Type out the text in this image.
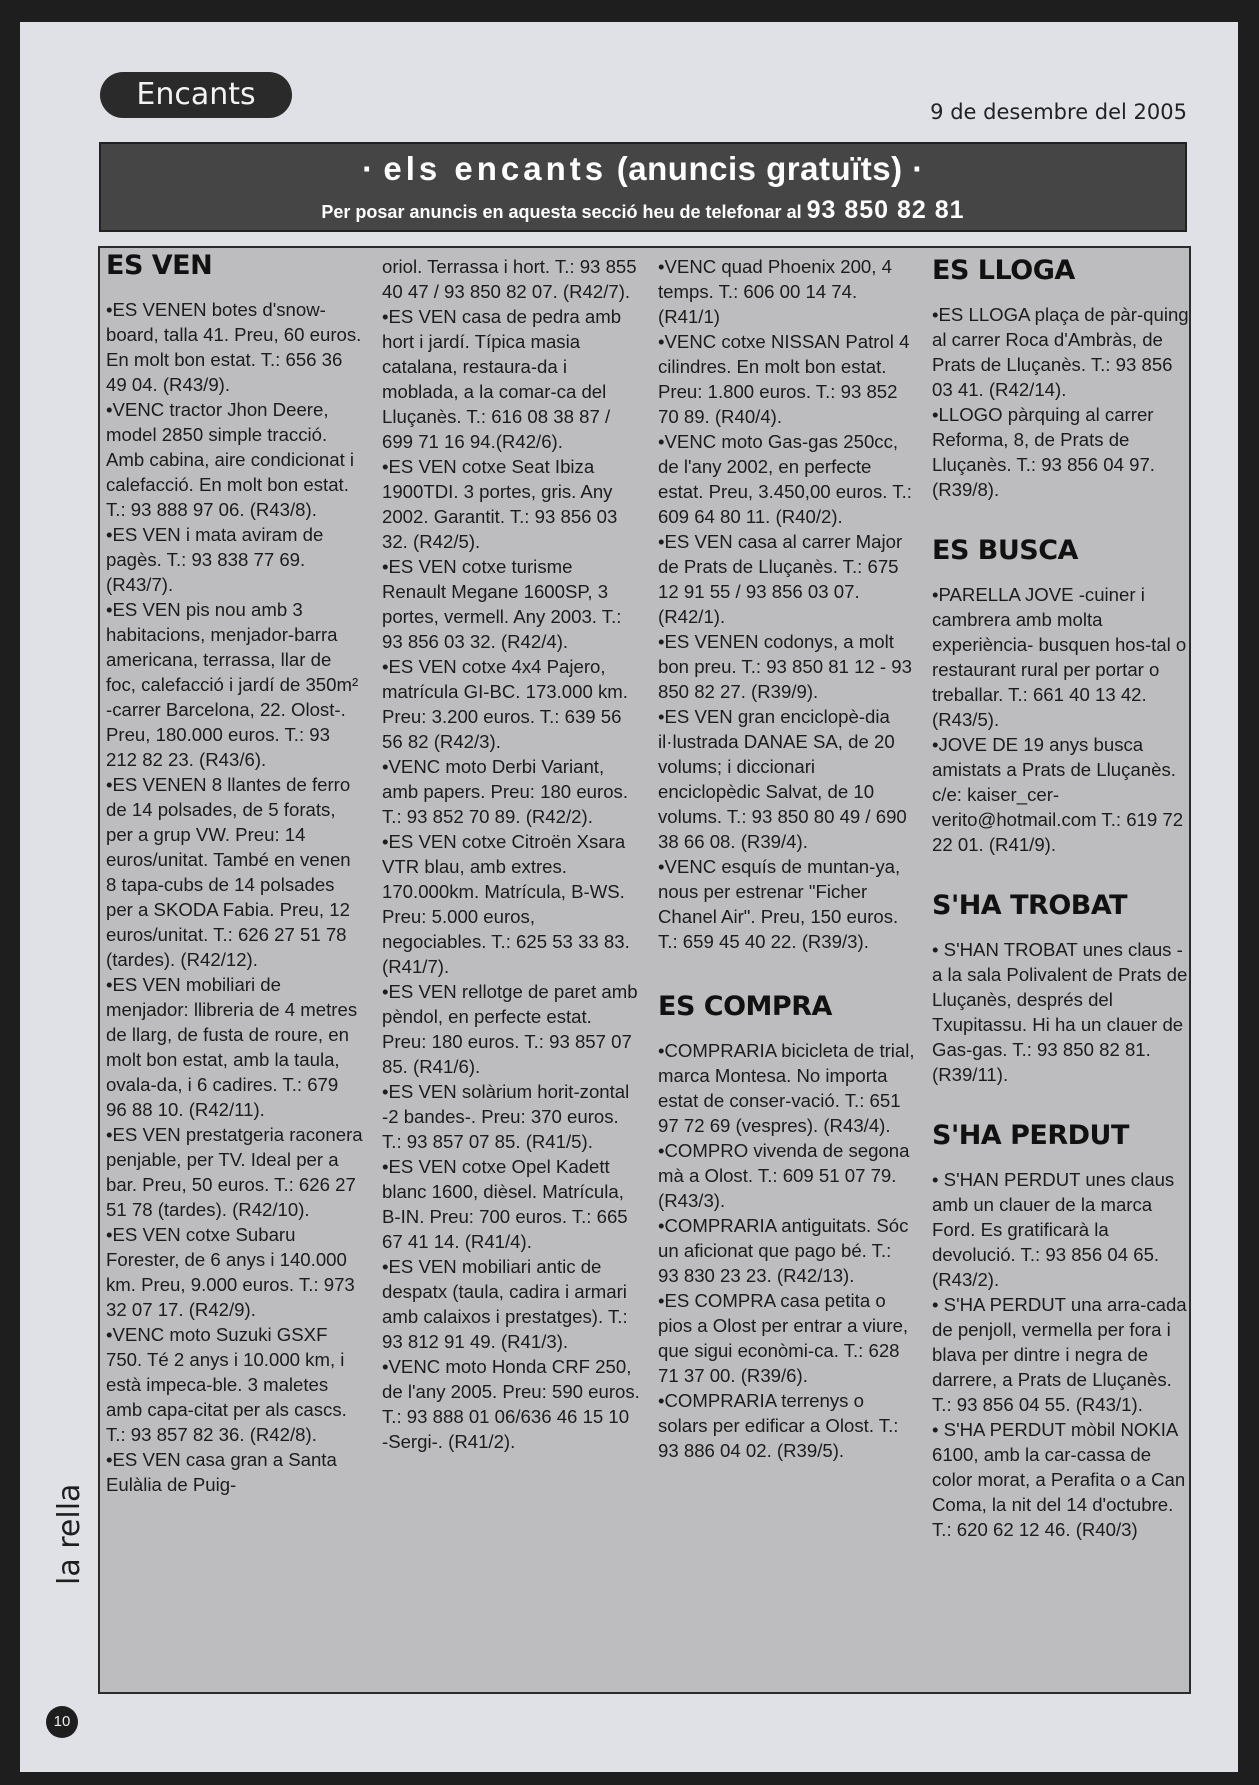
Encants	9 de desembre del 2005
· els encants (anuncis gratuïts) ·
Per posar anuncis en aquesta secció heu de telefonar al 93 850 82 81
ES VEN

•ES VENEN botes d'snow-board, talla 41. Preu, 60 euros. En molt bon estat. T.: 656 36 49 04. (R43/9).

•VENC tractor Jhon Deere, model 2850 simple tracció. Amb cabina, aire condicionat i calefacció. En molt bon estat. T.: 93 888 97 06. (R43/8).

•ES VEN i mata aviram de pagès. T.: 93 838 77 69. (R43/7).

•ES VEN pis nou amb 3 habitacions, menjador-barra americana, terrassa, llar de foc, calefacció i jardí de 350m² -carrer Barcelona, 22. Olost-. Preu, 180.000 euros. T.: 93 212 82 23. (R43/6).

•ES VENEN 8 llantes de ferro de 14 polsades, de 5 forats, per a grup VW. Preu: 14 euros/unitat. També en venen 8 tapa-cubs de 14 polsades per a SKODA Fabia. Preu, 12 euros/unitat. T.: 626 27 51 78 (tardes). (R42/12).

•ES VEN mobiliari de menjador: llibreria de 4 metres de llarg, de fusta de roure, en molt bon estat, amb la taula, ovala-da, i 6 cadires. T.: 679 96 88 10. (R42/11).

•ES VEN prestatgeria raconera penjable, per TV. Ideal per a bar. Preu, 50 euros. T.: 626 27 51 78 (tardes). (R42/10).

•ES VEN cotxe Subaru Forester, de 6 anys i 140.000 km. Preu, 9.000 euros. T.: 973 32 07 17. (R42/9).

•VENC moto Suzuki GSXF 750. Té 2 anys i 10.000 km, i està impeca-ble. 3 maletes amb capa-citat per als cascs. T.: 93 857 82 36. (R42/8).

•ES VEN casa gran a Santa Eulàlia de Puig-

oriol. Terrassa i hort. T.: 93 855 40 47 / 93 850 82 07. (R42/7).

•ES VEN casa de pedra amb hort i jardí. Típica masia catalana, restaura-da i moblada, a la comar-ca del Lluçanès. T.: 616 08 38 87 / 699 71 16 94.(R42/6).

•ES VEN cotxe Seat Ibiza 1900TDI. 3 portes, gris. Any 2002. Garantit. T.: 93 856 03 32. (R42/5).

•ES VEN cotxe turisme Renault Megane 1600SP, 3 portes, vermell. Any 2003. T.: 93 856 03 32. (R42/4).

•ES VEN cotxe 4x4 Pajero, matrícula GI-BC. 173.000 km. Preu: 3.200 euros. T.: 639 56 56 82 (R42/3).

•VENC moto Derbi Variant, amb papers. Preu: 180 euros. T.: 93 852 70 89. (R42/2).

•ES VEN cotxe Citroën Xsara VTR blau, amb extres. 170.000km. Matrícula, B-WS. Preu: 5.000 euros, negociables. T.: 625 53 33 83. (R41/7).

•ES VEN rellotge de paret amb pèndol, en perfecte estat. Preu: 180 euros. T.: 93 857 07 85. (R41/6).

•ES VEN solàrium horit-zontal -2 bandes-. Preu: 370 euros. T.: 93 857 07 85. (R41/5).

•ES VEN cotxe Opel Kadett blanc 1600, dièsel. Matrícula, B-IN. Preu: 700 euros. T.: 665 67 41 14. (R41/4).

•ES VEN mobiliari antic de despatx (taula, cadira i armari amb calaixos i prestatges). T.: 93 812 91 49. (R41/3).

•VENC moto Honda CRF 250, de l'any 2005. Preu: 590 euros. T.: 93 888 01 06/636 46 15 10 -Sergi-. (R41/2).

•VENC quad Phoenix 200, 4 temps. T.: 606 00 14 74. (R41/1)

•VENC cotxe NISSAN Patrol 4 cilindres. En molt bon estat. Preu: 1.800 euros. T.: 93 852 70 89. (R40/4).

•VENC moto Gas-gas 250cc, de l'any 2002, en perfecte estat. Preu, 3.450,00 euros. T.: 609 64 80 11. (R40/2).

•ES VEN casa al carrer Major de Prats de Lluçanès. T.: 675 12 91 55 / 93 856 03 07. (R42/1).

•ES VENEN codonys, a molt bon preu. T.: 93 850 81 12 - 93 850 82 27. (R39/9).

•ES VEN gran enciclopè-dia il·lustrada DANAE SA, de 20 volums; i diccionari enciclopèdic Salvat, de 10 volums. T.: 93 850 80 49 / 690 38 66 08. (R39/4).

•VENC esquís de muntan-ya, nous per estrenar "Ficher Chanel Air". Preu, 150 euros. T.: 659 45 40 22. (R39/3).

ES COMPRA

•COMPRARIA bicicleta de trial, marca Montesa. No importa estat de conser-vació. T.: 651 97 72 69 (vespres). (R43/4).

•COMPRO vivenda de segona mà a Olost. T.: 609 51 07 79. (R43/3).

•COMPRARIA antiguitats. Sóc un aficionat que pago bé. T.: 93 830 23 23. (R42/13).

•ES COMPRA casa petita o pios a Olost per entrar a viure, que sigui econòmi-ca. T.: 628 71 37 00. (R39/6).

•COMPRARIA terrenys o solars per edificar a Olost. T.: 93 886 04 02. (R39/5).

ES LLOGA

•ES LLOGA plaça de pàr-quing al carrer Roca d'Ambràs, de Prats de Lluçanès. T.: 93 856 03 41. (R42/14).

•LLOGO pàrquing al carrer Reforma, 8, de Prats de Lluçanès. T.: 93 856 04 97. (R39/8).

ES BUSCA

•PARELLA JOVE -cuiner i cambrera amb molta experiència- busquen hos-tal o restaurant rural per portar o treballar. T.: 661 40 13 42. (R43/5).

•JOVE DE 19 anys busca amistats a Prats de Lluçanès. c/e: kaiser_cer-verito@hotmail.com T.: 619 72 22 01. (R41/9).

S'HA TROBAT

• S'HAN TROBAT unes claus -a la sala Polivalent de Prats de Lluçanès, després del Txupitassu. Hi ha un clauer de Gas-gas. T.: 93 850 82 81. (R39/11).

S'HA PERDUT

• S'HAN PERDUT unes claus amb un clauer de la marca Ford. Es gratificarà la devolució. T.: 93 856 04 65. (R43/2).

• S'HA PERDUT una arra-cada de penjoll, vermella per fora i blava per dintre i negra de darrere, a Prats de Lluçanès. T.: 93 856 04 55. (R43/1).

• S'HA PERDUT mòbil NOKIA 6100, amb la car-cassa de color morat, a Perafita o a Can Coma, la nit del 14 d'octubre. T.: 620 62 12 46. (R40/3)

la rella
10
